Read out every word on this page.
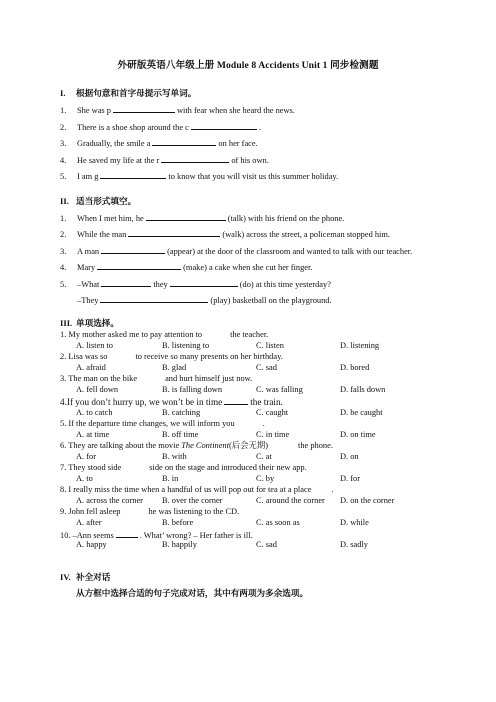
外研版英语八年级上册 Module 8 Accidents Unit 1 同步检测题
I. 根据句意和首字母提示写单词。
1. She was p	with fear when she heard the news.
2. There is a shoe shop around the c	.
3. Gradually, the smile a	on her face.
4. He saved my life at the r	of his own.
5. I am g	to know that you will visit us this summer holiday.
II. 适当形式填空。
1. When I met him, he	(talk) with his friend on the phone.
2. While the man	(walk) across the street, a policeman stopped him.
3. A man	(appear) at the door of the classroom and wanted to talk with our teacher.
4. Mary	(make) a cake when she cut her finger.
5. –What	they	(do) at this time yesterday?
–They	(play) basketball on the playground.
III. 单项选择。
1. My mother asked me to pay attention to	the teacher.
A. listen to	B. listening to	C. listen	D. listening
2. Lisa was so	to receive so many presents on her birthday.
A. afraid	B. glad	C. sad	D. bored
3. The man on the bike	and hurt himself just now.
A. fell down	B. is falling down	C. was falling	D. falls down
4.If you don’t hurry up, we won’t be in time	the train.
A. to catch	B. catching	C. caught	D. be caught
5. If the departure time changes, we will inform you	.
A. at time	B. off time	C. in time	D. on time
6. They are talking about the movie The Continent(后会无期)	the phone.
A. for	B. with	C. at	D. on
7. They stood side	side on the stage and introduced their new app.
A. to	B. in	C. by	D. for
8. I really miss the time when a handful of us will pop out for tea at a place .
A. across the corner B. over the corner	C. around the corner D. on the corner
9. John fell asleep	he was listening to the CD.
A. after	B. before	C. as soon as	D. while
10. –Ann seems	. What’ wrong? – Her father is ill.
A. happy	B. happily	C. sad	D. sadly
IV. 补全对话
从方框中选择合适的句子完成对话，其中有两项为多余选项。
